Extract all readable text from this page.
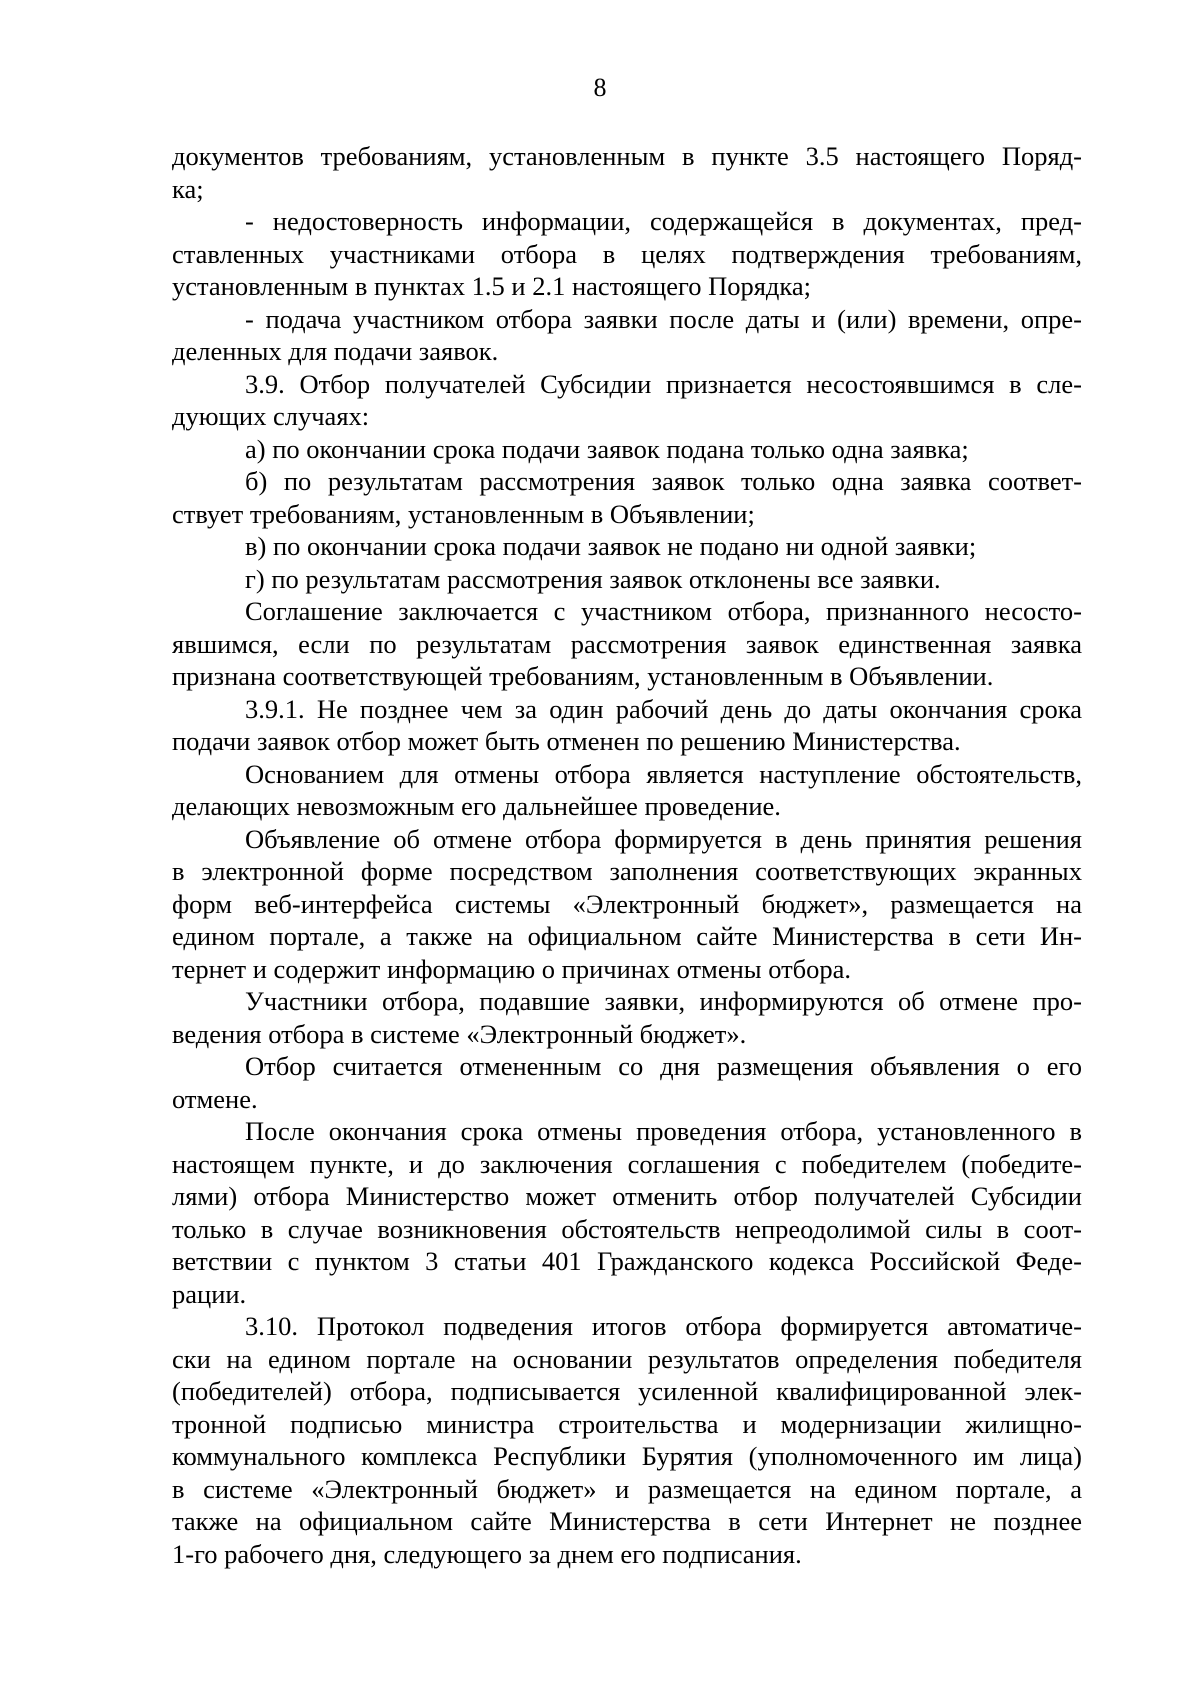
8
документов требованиям, установленным в пункте 3.5 настоящего Поряд-
ка;
- недостоверность информации, содержащейся в документах, пред-
ставленных участниками отбора в целях подтверждения требованиям,
установленным в пунктах 1.5 и 2.1 настоящего Порядка;
- подача участником отбора заявки после даты и (или) времени, опре-
деленных для подачи заявок.
3.9. Отбор получателей Субсидии признается несостоявшимся в сле-
дующих случаях:
а) по окончании срока подачи заявок подана только одна заявка;
б) по результатам рассмотрения заявок только одна заявка соответ-
ствует требованиям, установленным в Объявлении;
в) по окончании срока подачи заявок не подано ни одной заявки;
г) по результатам рассмотрения заявок отклонены все заявки.
Соглашение заключается с участником отбора, признанного несосто-
явшимся, если по результатам рассмотрения заявок единственная заявка
признана соответствующей требованиям, установленным в Объявлении.
3.9.1. Не позднее чем за один рабочий день до даты окончания срока
подачи заявок отбор может быть отменен по решению Министерства.
Основанием для отмены отбора является наступление обстоятельств,
делающих невозможным его дальнейшее проведение.
Объявление об отмене отбора формируется в день принятия решения
в электронной форме посредством заполнения соответствующих экранных
форм веб-интерфейса системы «Электронный бюджет», размещается на
едином портале, а также на официальном сайте Министерства в сети Ин-
тернет и содержит информацию о причинах отмены отбора.
Участники отбора, подавшие заявки, информируются об отмене про-
ведения отбора в системе «Электронный бюджет».
Отбор считается отмененным со дня размещения объявления о его
отмене.
После окончания срока отмены проведения отбора, установленного в
настоящем пункте, и до заключения соглашения с победителем (победите-
лями) отбора Министерство может отменить отбор получателей Субсидии
только в случае возникновения обстоятельств непреодолимой силы в соот-
ветствии с пунктом 3 статьи 401 Гражданского кодекса Российской Феде-
рации.
3.10. Протокол подведения итогов отбора формируется автоматиче-
ски на едином портале на основании результатов определения победителя
(победителей) отбора, подписывается усиленной квалифицированной элек-
тронной подписью министра строительства и модернизации жилищно-
коммунального комплекса Республики Бурятия (уполномоченного им лица)
в системе «Электронный бюджет» и размещается на едином портале, а
также на официальном сайте Министерства в сети Интернет не позднее
1-го рабочего дня, следующего за днем его подписания.
